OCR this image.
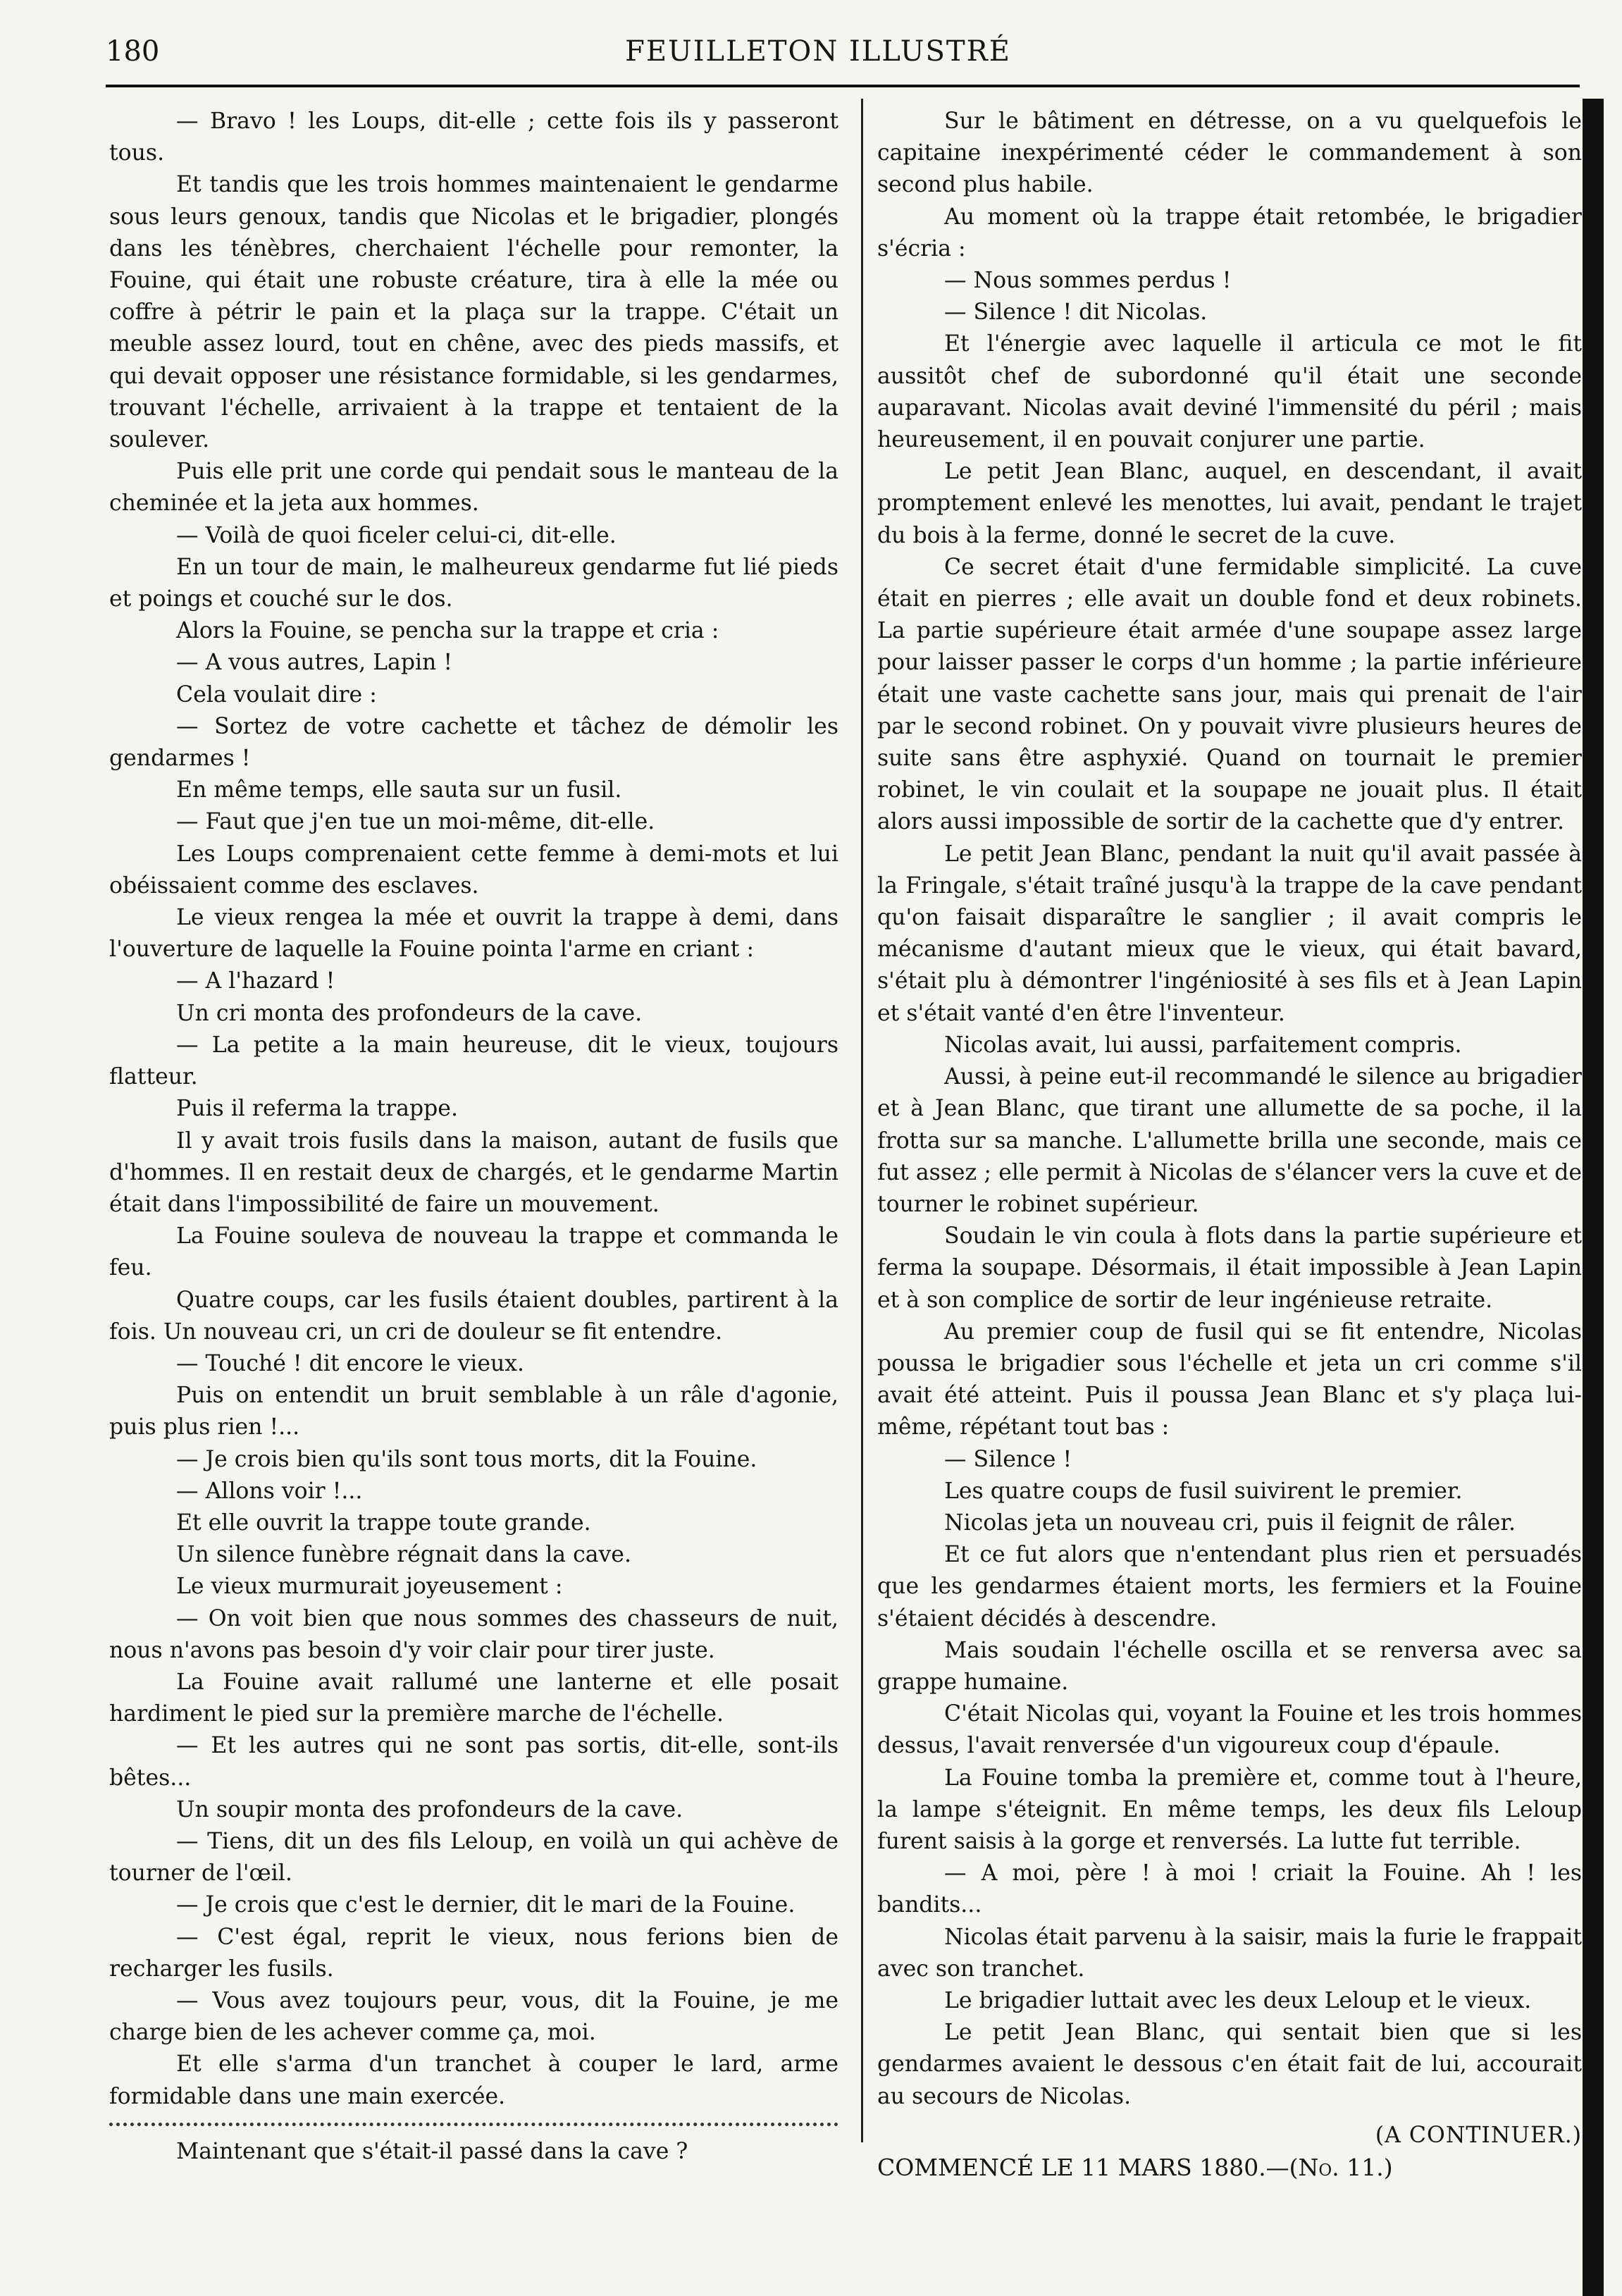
180	FEUILLETON ILLUSTRÉ

— Bravo ! les Loups, dit-elle ; cette fois ils y passeront tous.

Et tandis que les trois hommes maintenaient le gendarme sous leurs genoux, tandis que Nicolas et le brigadier, plongés dans les ténèbres, cherchaient l'échelle pour remonter, la Fouine, qui était une robuste créature, tira à elle la mée ou coffre à pétrir le pain et la plaça sur la trappe. C'était un meuble assez lourd, tout en chêne, avec des pieds massifs, et qui devait opposer une résistance formidable, si les gendarmes, trouvant l'échelle, arrivaient à la trappe et tentaient de la soulever.

Puis elle prit une corde qui pendait sous le manteau de la cheminée et la jeta aux hommes.

— Voilà de quoi ficeler celui-ci, dit-elle.

En un tour de main, le malheureux gendarme fut lié pieds et poings et couché sur le dos.

Alors la Fouine, se pencha sur la trappe et cria :

— A vous autres, Lapin !

Cela voulait dire :

— Sortez de votre cachette et tâchez de démolir les gendarmes !

En même temps, elle sauta sur un fusil.

— Faut que j'en tue un moi-même, dit-elle.

Les Loups comprenaient cette femme à demi-mots et lui obéissaient comme des esclaves.

Le vieux rengea la mée et ouvrit la trappe à demi, dans l'ouverture de laquelle la Fouine pointa l'arme en criant :

— A l'hazard !

Un cri monta des profondeurs de la cave.

— La petite a la main heureuse, dit le vieux, toujours flatteur.

Puis il referma la trappe.

Il y avait trois fusils dans la maison, autant de fusils que d'hommes. Il en restait deux de chargés, et le gendarme Martin était dans l'impossibilité de faire un mouvement.

La Fouine souleva de nouveau la trappe et commanda le feu.

Quatre coups, car les fusils étaient doubles, partirent à la fois. Un nouveau cri, un cri de douleur se fit entendre.

— Touché ! dit encore le vieux.

Puis on entendit un bruit semblable à un râle d'agonie, puis plus rien !...

— Je crois bien qu'ils sont tous morts, dit la Fouine.

— Allons voir !...

Et elle ouvrit la trappe toute grande.

Un silence funèbre régnait dans la cave.

Le vieux murmurait joyeusement :

— On voit bien que nous sommes des chasseurs de nuit, nous n'avons pas besoin d'y voir clair pour tirer juste.

La Fouine avait rallumé une lanterne et elle posait hardiment le pied sur la première marche de l'échelle.

— Et les autres qui ne sont pas sortis, dit-elle, sont-ils bêtes...

Un soupir monta des profondeurs de la cave.

— Tiens, dit un des fils Leloup, en voilà un qui achève de tourner de l'œil.

— Je crois que c'est le dernier, dit le mari de la Fouine.

— C'est égal, reprit le vieux, nous ferions bien de recharger les fusils.

— Vous avez toujours peur, vous, dit la Fouine, je me charge bien de les achever comme ça, moi.

Et elle s'arma d'un tranchet à couper le lard, arme formidable dans une main exercée.

Maintenant que s'était-il passé dans la cave ?

Sur le bâtiment en détresse, on a vu quelquefois le capitaine inexpérimenté céder le commandement à son second plus habile.

Au moment où la trappe était retombée, le brigadier s'écria :

— Nous sommes perdus !

— Silence ! dit Nicolas.

Et l'énergie avec laquelle il articula ce mot le fit aussitôt chef de subordonné qu'il était une seconde auparavant. Nicolas avait deviné l'immensité du péril ; mais heureusement, il en pouvait conjurer une partie.

Le petit Jean Blanc, auquel, en descendant, il avait promptement enlevé les menottes, lui avait, pendant le trajet du bois à la ferme, donné le secret de la cuve.

Ce secret était d'une fermidable simplicité. La cuve était en pierres ; elle avait un double fond et deux robinets. La partie supérieure était armée d'une soupape assez large pour laisser passer le corps d'un homme ; la partie inférieure était une vaste cachette sans jour, mais qui prenait de l'air par le second robinet. On y pouvait vivre plusieurs heures de suite sans être asphyxié. Quand on tournait le premier robinet, le vin coulait et la soupape ne jouait plus. Il était alors aussi impossible de sortir de la cachette que d'y entrer.

Le petit Jean Blanc, pendant la nuit qu'il avait passée à la Fringale, s'était traîné jusqu'à la trappe de la cave pendant qu'on faisait disparaître le sanglier ; il avait compris le mécanisme d'autant mieux que le vieux, qui était bavard, s'était plu à démontrer l'ingéniosité à ses fils et à Jean Lapin et s'était vanté d'en être l'inventeur.

Nicolas avait, lui aussi, parfaitement compris.

Aussi, à peine eut-il recommandé le silence au brigadier et à Jean Blanc, que tirant une allumette de sa poche, il la frotta sur sa manche. L'allumette brilla une seconde, mais ce fut assez ; elle permit à Nicolas de s'élancer vers la cuve et de tourner le robinet supérieur.

Soudain le vin coula à flots dans la partie supérieure et ferma la soupape. Désormais, il était impossible à Jean Lapin et à son complice de sortir de leur ingénieuse retraite.

Au premier coup de fusil qui se fit entendre, Nicolas poussa le brigadier sous l'échelle et jeta un cri comme s'il avait été atteint. Puis il poussa Jean Blanc et s'y plaça lui-même, répétant tout bas :

— Silence !

Les quatre coups de fusil suivirent le premier.

Nicolas jeta un nouveau cri, puis il feignit de râler.

Et ce fut alors que n'entendant plus rien et persuadés que les gendarmes étaient morts, les fermiers et la Fouine s'étaient décidés à descendre.

Mais soudain l'échelle oscilla et se renversa avec sa grappe humaine.

C'était Nicolas qui, voyant la Fouine et les trois hommes dessus, l'avait renversée d'un vigoureux coup d'épaule.

La Fouine tomba la première et, comme tout à l'heure, la lampe s'éteignit. En même temps, les deux fils Leloup furent saisis à la gorge et renversés. La lutte fut terrible.

— A moi, père ! à moi ! criait la Fouine. Ah ! les bandits...

Nicolas était parvenu à la saisir, mais la furie le frappait avec son tranchet.

Le brigadier luttait avec les deux Leloup et le vieux.

Le petit Jean Blanc, qui sentait bien que si les gendarmes avaient le dessous c'en était fait de lui, accourait au secours de Nicolas.

(A CONTINUER.)

COMMENCÉ LE 11 MARS 1880.—(No. 11.)
